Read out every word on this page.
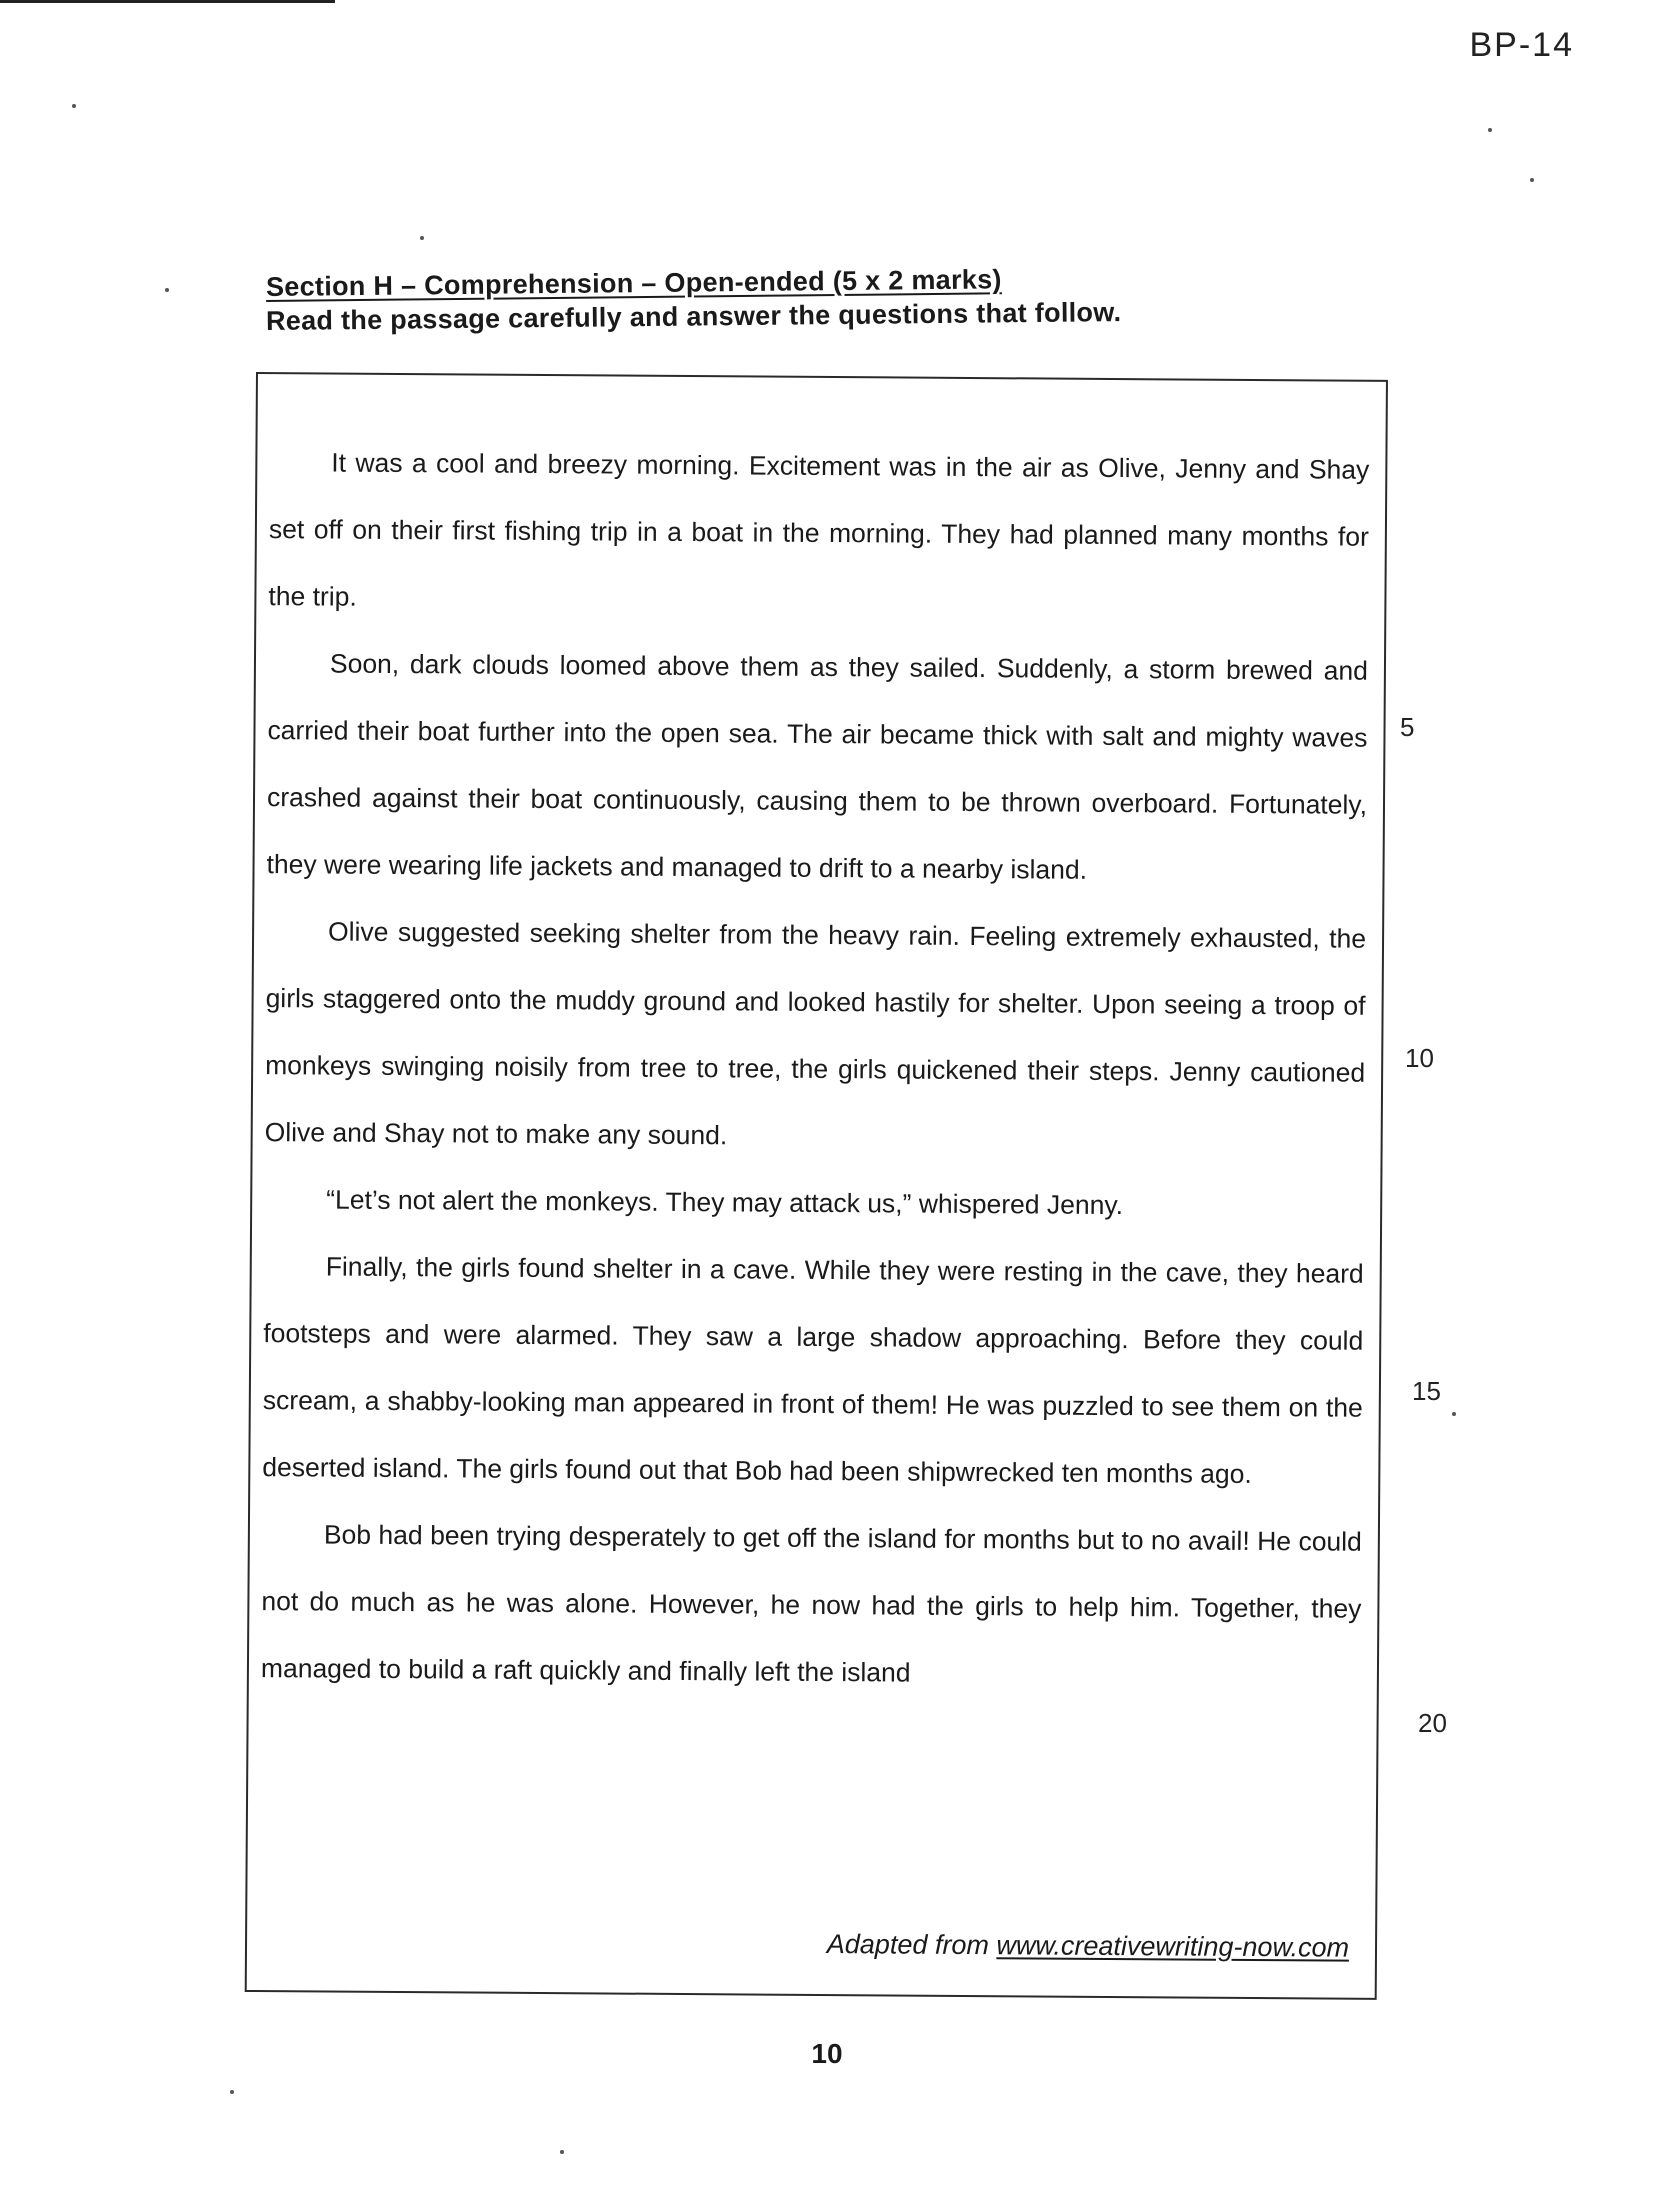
BP-14
Section H – Comprehension – Open-ended (5 x 2 marks)
Read the passage carefully and answer the questions that follow.

It was a cool and breezy morning. Excitement was in the air as Olive, Jenny and Shay set off on their first fishing trip in a boat in the morning. They had planned many months for the trip.

Soon, dark clouds loomed above them as they sailed. Suddenly, a storm brewed and carried their boat further into the open sea. The air became thick with salt and mighty waves crashed against their boat continuously, causing them to be thrown overboard. Fortunately, they were wearing life jackets and managed to drift to a nearby island.

Olive suggested seeking shelter from the heavy rain. Feeling extremely exhausted, the girls staggered onto the muddy ground and looked hastily for shelter. Upon seeing a troop of monkeys swinging noisily from tree to tree, the girls quickened their steps. Jenny cautioned Olive and Shay not to make any sound.

“Let’s not alert the monkeys. They may attack us,” whispered Jenny.

Finally, the girls found shelter in a cave. While they were resting in the cave, they heard footsteps and were alarmed. They saw a large shadow approaching. Before they could scream, a shabby-looking man appeared in front of them! He was puzzled to see them on the deserted island. The girls found out that Bob had been shipwrecked ten months ago.

Bob had been trying desperately to get off the island for months but to no avail! He could not do much as he was alone. However, he now had the girls to help him. Together, they managed to build a raft quickly and finally left the island

Adapted from www.creativewriting-now.com
5
10
15
20
10
